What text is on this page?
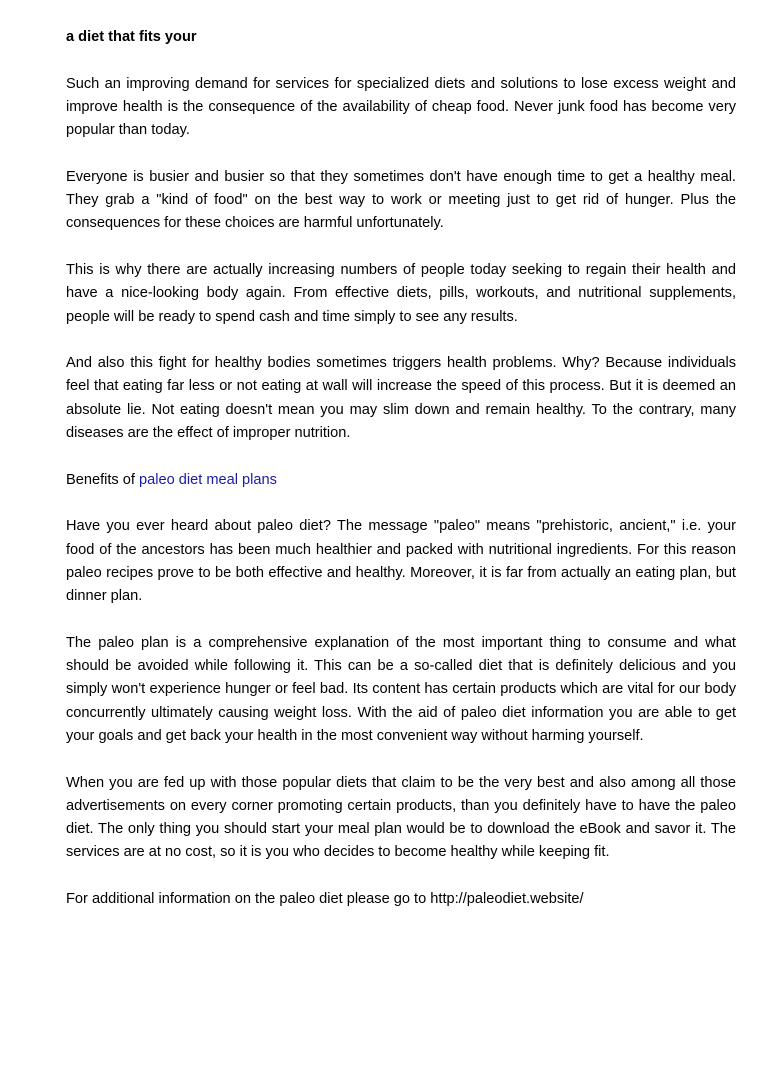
a diet that fits your

Such an improving demand for services for specialized diets and solutions to lose excess weight and improve health is the consequence of the availability of cheap food. Never junk food has become very popular than today.

Everyone is busier and busier so that they sometimes don't have enough time to get a healthy meal. They grab a "kind of food" on the best way to work or meeting just to get rid of hunger. Plus the consequences for these choices are harmful unfortunately.

This is why there are actually increasing numbers of people today seeking to regain their health and have a nice-looking body again. From effective diets, pills, workouts, and nutritional supplements, people will be ready to spend cash and time simply to see any results.

And also this fight for healthy bodies sometimes triggers health problems. Why? Because individuals feel that eating far less or not eating at wall will increase the speed of this process. But it is deemed an absolute lie. Not eating doesn't mean you may slim down and remain healthy. To the contrary, many diseases are the effect of improper nutrition.

Benefits of paleo diet meal plans

Have you ever heard about paleo diet? The message "paleo" means "prehistoric, ancient," i.e. your food of the ancestors has been much healthier and packed with nutritional ingredients. For this reason paleo recipes prove to be both effective and healthy. Moreover, it is far from actually an eating plan, but dinner plan.

The paleo plan is a comprehensive explanation of the most important thing to consume and what should be avoided while following it. This can be a so-called diet that is definitely delicious and you simply won't experience hunger or feel bad. Its content has certain products which are vital for our body concurrently ultimately causing weight loss. With the aid of paleo diet information you are able to get your goals and get back your health in the most convenient way without harming yourself.

When you are fed up with those popular diets that claim to be the very best and also among all those advertisements on every corner promoting certain products, than you definitely have to have the paleo diet. The only thing you should start your meal plan would be to download the eBook and savor it. The services are at no cost, so it is you who decides to become healthy while keeping fit.

For additional information on the paleo diet please go to http://paleodiet.website/
